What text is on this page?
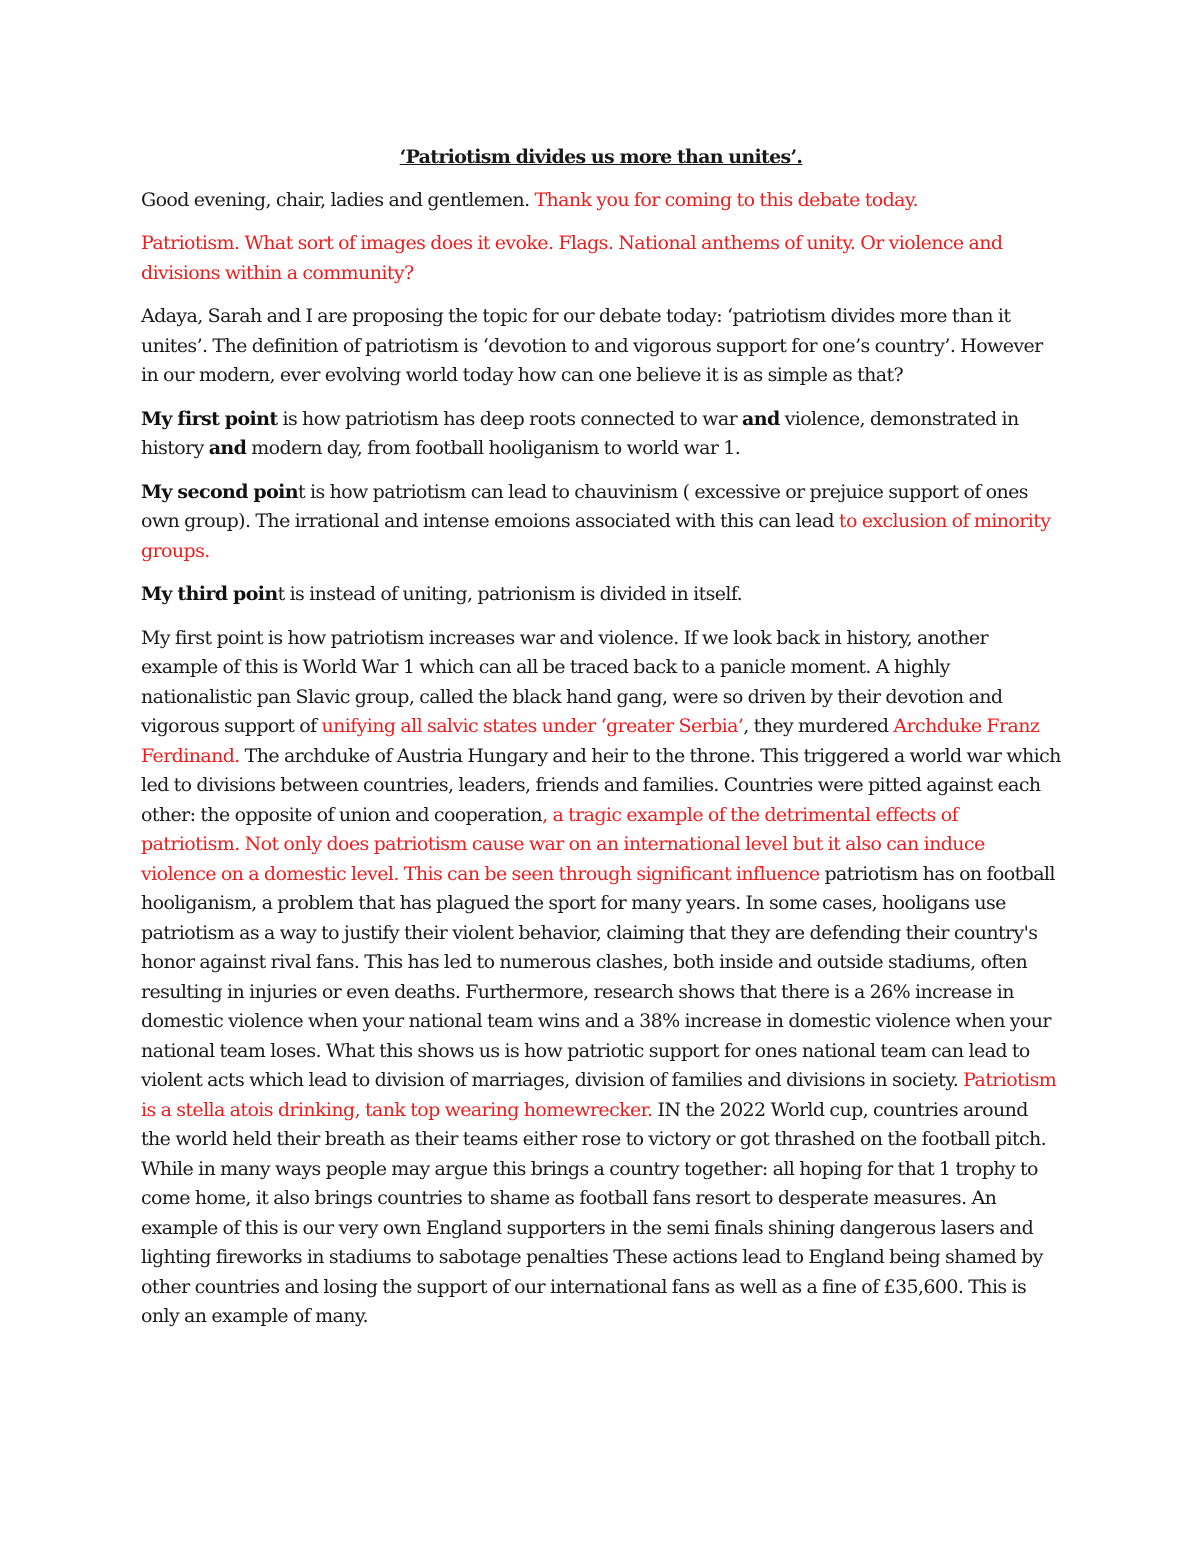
‘Patriotism divides us more than unites’.

Good evening, chair, ladies and gentlemen. Thank you for coming to this debate today.

Patriotism. What sort of images does it evoke. Flags. National anthems of unity. Or violence and divisions within a community?

Adaya, Sarah and I are proposing the topic for our debate today: ‘patriotism divides more than it unites’. The definition of patriotism is ‘devotion to and vigorous support for one’s country’. However in our modern, ever evolving world today how can one believe it is as simple as that?

My first point is how patriotism has deep roots connected to war and violence, demonstrated in history and modern day, from football hooliganism to world war 1.

My second point is how patriotism can lead to chauvinism ( excessive or prejuice support of ones own group). The irrational and intense emoions associated with this can lead to exclusion of minority groups.

My third point is instead of uniting, patrionism is divided in itself.

My first point is how patriotism increases war and violence. If we look back in history, another example of this is World War 1 which can all be traced back to a panicle moment. A highly nationalistic pan Slavic group, called the black hand gang, were so driven by their devotion and vigorous support of unifying all salvic states under ‘greater Serbia’, they murdered Archduke Franz Ferdinand. The archduke of Austria Hungary and heir to the throne. This triggered a world war which led to divisions between countries, leaders, friends and families. Countries were pitted against each other: the opposite of union and cooperation, a tragic example of the detrimental effects of patriotism. Not only does patriotism cause war on an international level but it also can induce violence on a domestic level. This can be seen through significant influence patriotism has on football hooliganism, a problem that has plagued the sport for many years. In some cases, hooligans use patriotism as a way to justify their violent behavior, claiming that they are defending their country's honor against rival fans. This has led to numerous clashes, both inside and outside stadiums, often resulting in injuries or even deaths. Furthermore, research shows that there is a 26% increase in domestic violence when your national team wins and a 38% increase in domestic violence when your national team loses. What this shows us is how patriotic support for ones national team can lead to violent acts which lead to division of marriages, division of families and divisions in society. Patriotism is a stella atois drinking, tank top wearing homewrecker. IN the 2022 World cup, countries around the world held their breath as their teams either rose to victory or got thrashed on the football pitch. While in many ways people may argue this brings a country together: all hoping for that 1 trophy to come home, it also brings countries to shame as football fans resort to desperate measures. An example of this is our very own England supporters in the semi finals shining dangerous lasers and lighting fireworks in stadiums to sabotage penalties These actions lead to England being shamed by other countries and losing the support of our international fans as well as a fine of £35,600. This is only an example of many.
